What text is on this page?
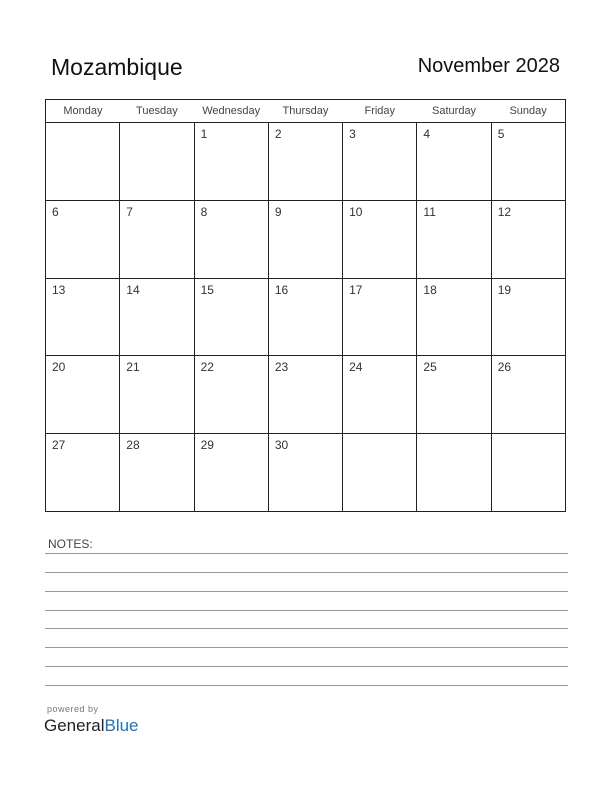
Mozambique	November 2028
Monday	Tuesday	Wednesday	Thursday	Friday	Saturday	Sunday
		1	2	3	4	5
6	7	8	9	10	11	12
13	14	15	16	17	18	19
20	21	22	23	24	25	26
27	28	29	30			
NOTES:
powered by
GeneralBlue
